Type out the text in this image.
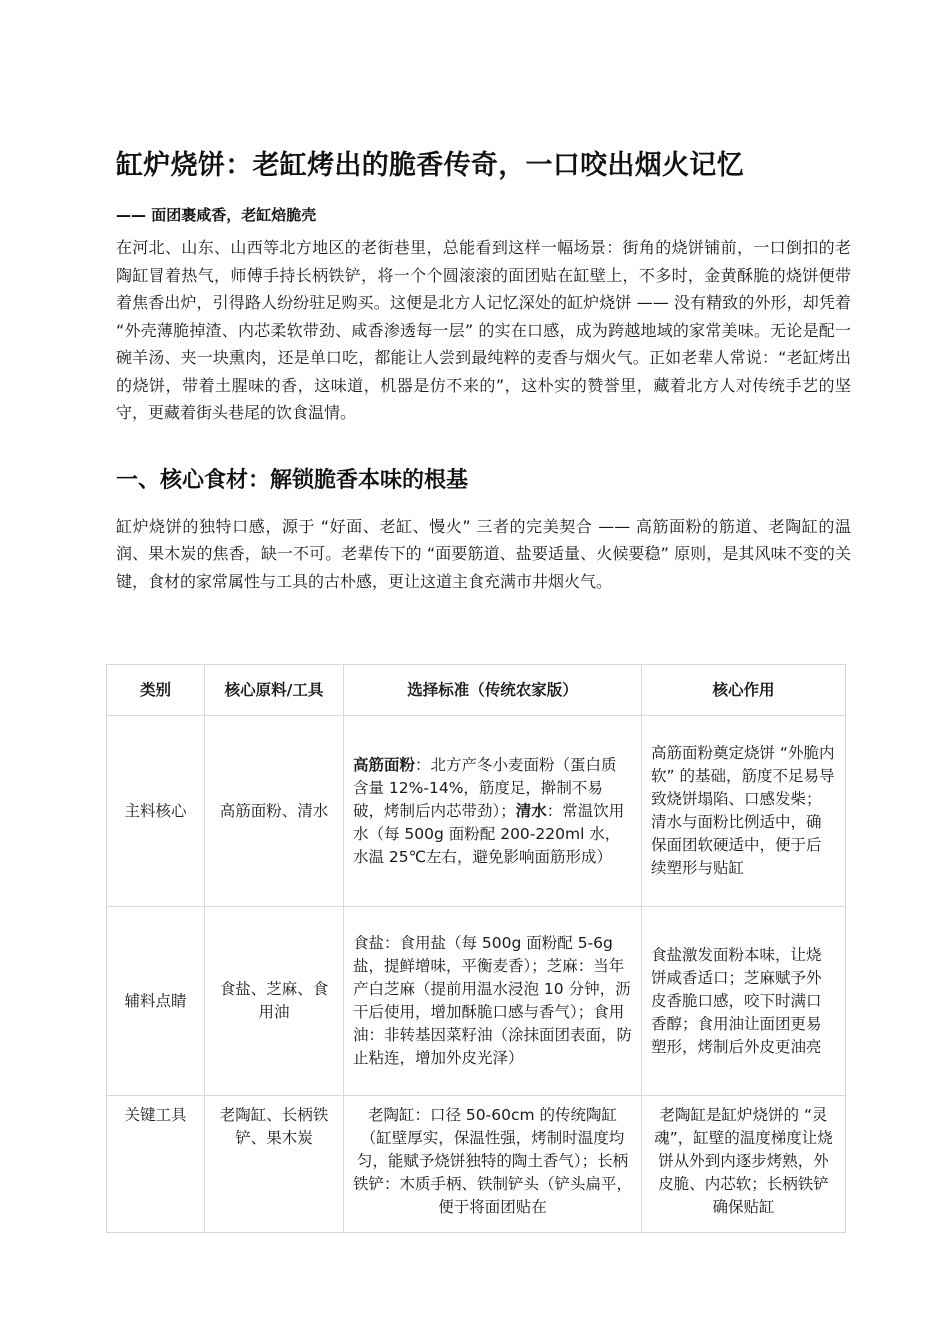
缸炉烧饼：老缸烤出的脆香传奇，一口咬出烟火记忆
—— 面团裹咸香，老缸焙脆壳

在河北、山东、山西等北方地区的老街巷里，总能看到这样一幅场景：街角的烧饼铺前，一口倒扣的老陶缸冒着热气，师傅手持长柄铁铲，将一个个圆滚滚的面团贴在缸壁上，不多时，金黄酥脆的烧饼便带着焦香出炉，引得路人纷纷驻足购买。这便是北方人记忆深处的缸炉烧饼 —— 没有精致的外形，却凭着 “外壳薄脆掉渣、内芯柔软带劲、咸香渗透每一层” 的实在口感，成为跨越地域的家常美味。无论是配一碗羊汤、夹一块熏肉，还是单口吃，都能让人尝到最纯粹的麦香与烟火气。正如老辈人常说：“老缸烤出的烧饼，带着土腥味的香，这味道，机器是仿不来的”，这朴实的赞誉里，藏着北方人对传统手艺的坚守，更藏着街头巷尾的饮食温情。

一、核心食材：解锁脆香本味的根基

缸炉烧饼的独特口感，源于 “好面、老缸、慢火” 三者的完美契合 —— 高筋面粉的筋道、老陶缸的温润、果木炭的焦香，缺一不可。老辈传下的 “面要筋道、盐要适量、火候要稳” 原则，是其风味不变的关键，食材的家常属性与工具的古朴感，更让这道主食充满市井烟火气。

类别	核心原料/工具	选择标准（传统农家版）	核心作用
主料核心	高筋面粉、清水	高筋面粉：北方产冬小麦面粉（蛋白质含量 12%-14%，筋度足，擀制不易破，烤制后内芯带劲）；清水：常温饮用水（每 500g 面粉配 200-220ml 水，水温 25℃左右，避免影响面筋形成）	高筋面粉奠定烧饼 “外脆内软” 的基础，筋度不足易导致烧饼塌陷、口感发柴；清水与面粉比例适中，确保面团软硬适中，便于后续塑形与贴缸
辅料点睛	食盐、芝麻、食用油	食盐：食用盐（每 500g 面粉配 5-6g 盐，提鲜增味，平衡麦香）；芝麻：当年产白芝麻（提前用温水浸泡 10 分钟，沥干后使用，增加酥脆口感与香气）；食用油：非转基因菜籽油（涂抹面团表面，防止粘连，增加外皮光泽）	食盐激发面粉本味，让烧饼咸香适口；芝麻赋予外皮香脆口感，咬下时满口香醇；食用油让面团更易塑形，烤制后外皮更油亮

关键工具	老陶缸、长柄铁铲、果木炭	老陶缸：口径 50-60cm 的传统陶缸（缸壁厚实，保温性强，烤制时温度均匀，能赋予烧饼独特的陶土香气）；长柄铁铲：木质手柄、铁制铲头（铲头扁平，便于将面团贴在	老陶缸是缸炉烧饼的 “灵魂”，缸壁的温度梯度让烧饼从外到内逐步烤熟，外皮脆、内芯软；长柄铁铲确保贴缸
